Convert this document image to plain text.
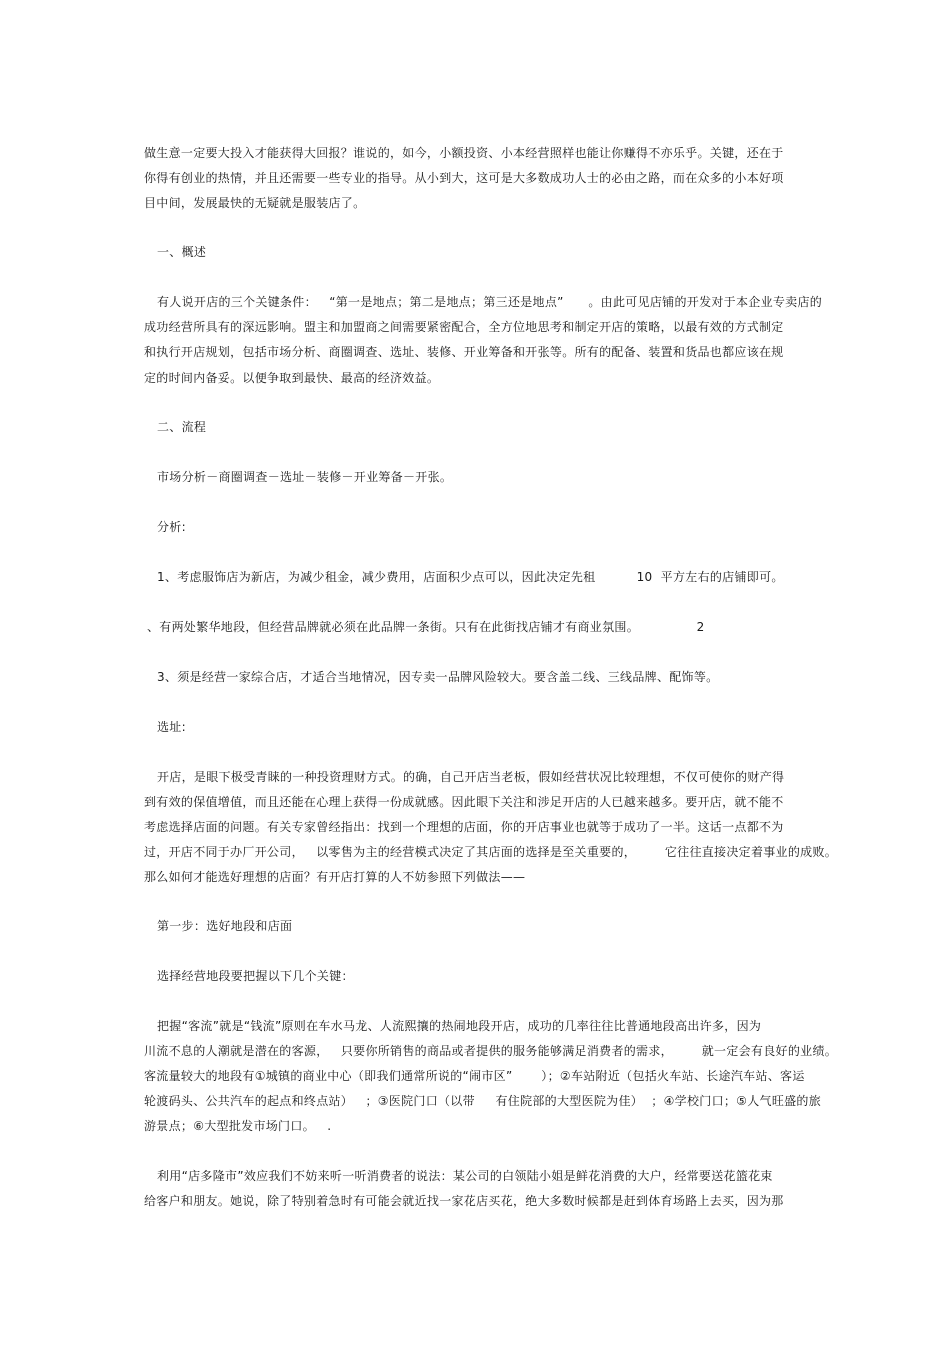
做生意一定要大投入才能获得大回报？谁说的，如今，小额投资、小本经营照样也能让你赚得不亦乐乎。关键，还在于
你得有创业的热情，并且还需要一些专业的指导。从小到大，这可是大多数成功人士的必由之路，而在众多的小本好项
目中间，发展最快的无疑就是服装店了。
一、概述
有人说开店的三个关键条件：   “第一是地点；第二是地点；第三还是地点”      。由此可见店铺的开发对于本企业专卖店的
成功经营所具有的深远影响。盟主和加盟商之间需要紧密配合，全方位地思考和制定开店的策略，以最有效的方式制定
和执行开店规划，包括市场分析、商圈调查、选址、装修、开业筹备和开张等。所有的配备、装置和货品也都应该在规
定的时间内备妥。以便争取到最快、最高的经济效益。
二、流程
市场分析－商圈调查－选址－装修－开业筹备－开张。
分析:
1、考虑服饰店为新店，为减少租金，减少费用，店面积少点可以，因此决定先租          10  平方左右的店铺即可。
、有两处繁华地段，但经营品牌就必须在此品牌一条街。只有在此街找店铺才有商业氛围。              2
3、须是经营一家综合店，才适合当地情况，因专卖一品牌风险较大。要含盖二线、三线品牌、配饰等。
选址:
开店，是眼下极受青睐的一种投资理财方式。的确，自己开店当老板，假如经营状况比较理想，不仅可使你的财产得
到有效的保值增值，而且还能在心理上获得一份成就感。因此眼下关注和涉足开店的人已越来越多。要开店，就不能不
考虑选择店面的问题。有关专家曾经指出：找到一个理想的店面，你的开店事业也就等于成功了一半。这话一点都不为
过，开店不同于办厂开公司，   以零售为主的经营模式决定了其店面的选择是至关重要的，       它往往直接决定着事业的成败。
那么如何才能选好理想的店面？有开店打算的人不妨参照下列做法——
第一步：选好地段和店面
选择经营地段要把握以下几个关键：
把握“客流”就是“钱流”原则在车水马龙、人流熙攘的热闹地段开店，成功的几率往往比普通地段高出许多，因为
川流不息的人潮就是潜在的客源，   只要你所销售的商品或者提供的服务能够满足消费者的需求，       就一定会有良好的业绩。
客流量较大的地段有①城镇的商业中心（即我们通常所说的“闹市区”       ）；②车站附近（包括火车站、长途汽车站、客运
轮渡码头、公共汽车的起点和终点站）   ；③医院门口（以带     有住院部的大型医院为佳）  ；④学校门口；⑤人气旺盛的旅
游景点；⑥大型批发市场门口。   .
利用“店多隆市”效应我们不妨来听一听消费者的说法：某公司的白领陆小姐是鲜花消费的大户，经常要送花篮花束
给客户和朋友。她说，除了特别着急时有可能会就近找一家花店买花，绝大多数时候都是赶到体育场路上去买，因为那
